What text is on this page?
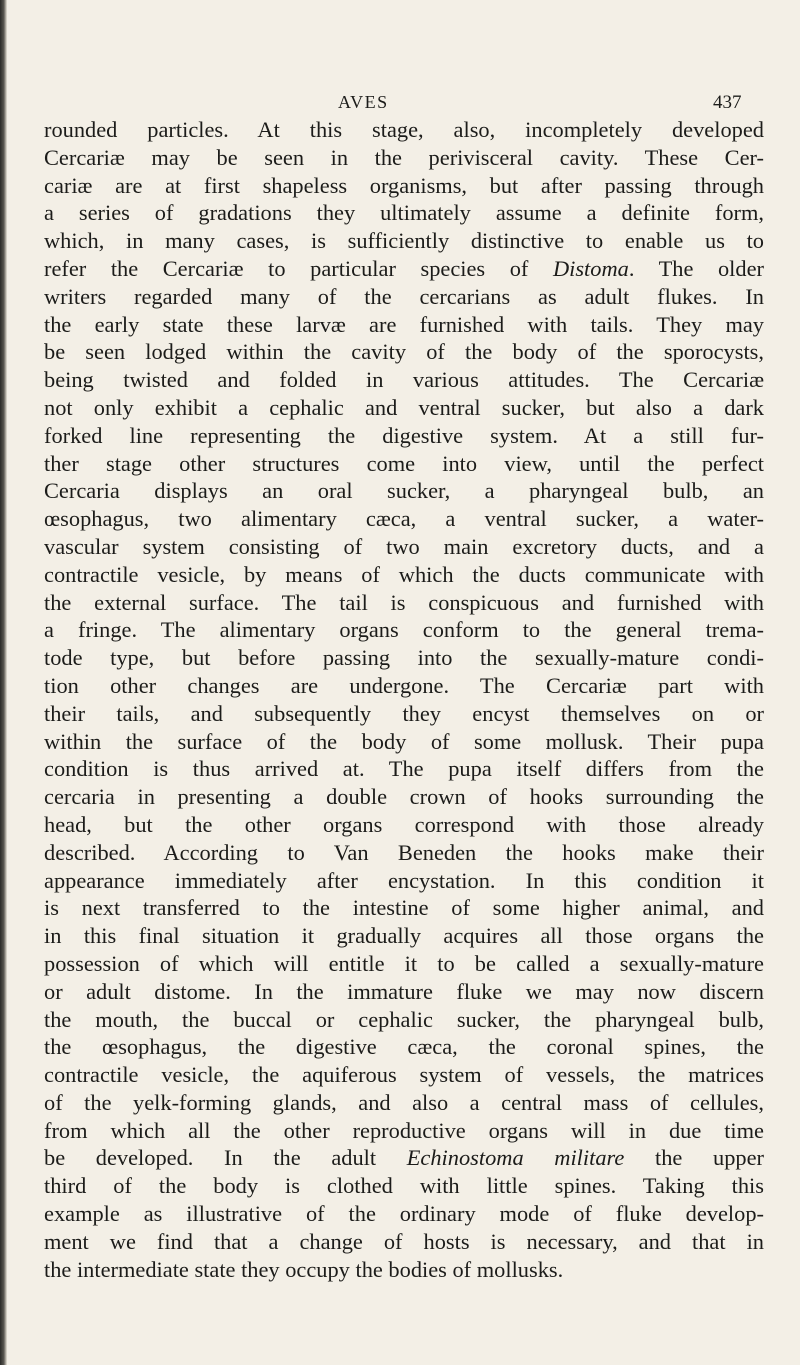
AVES	437
rounded particles. At this stage, also, incompletely developed
Cercariæ may be seen in the perivisceral cavity. These Cer-
cariæ are at first shapeless organisms, but after passing through
a series of gradations they ultimately assume a definite form,
which, in many cases, is sufficiently distinctive to enable us to
refer the Cercariæ to particular species of Distoma. The older
writers regarded many of the cercarians as adult flukes. In
the early state these larvæ are furnished with tails. They may
be seen lodged within the cavity of the body of the sporocysts,
being twisted and folded in various attitudes. The Cercariæ
not only exhibit a cephalic and ventral sucker, but also a dark
forked line representing the digestive system. At a still fur-
ther stage other structures come into view, until the perfect
Cercaria displays an oral sucker, a pharyngeal bulb, an
œsophagus, two alimentary cæca, a ventral sucker, a water-
vascular system consisting of two main excretory ducts, and a
contractile vesicle, by means of which the ducts communicate with
the external surface. The tail is conspicuous and furnished with
a fringe. The alimentary organs conform to the general trema-
tode type, but before passing into the sexually-mature condi-
tion other changes are undergone. The Cercariæ part with
their tails, and subsequently they encyst themselves on or
within the surface of the body of some mollusk. Their pupa
condition is thus arrived at. The pupa itself differs from the
cercaria in presenting a double crown of hooks surrounding the
head, but the other organs correspond with those already
described. According to Van Beneden the hooks make their
appearance immediately after encystation. In this condition it
is next transferred to the intestine of some higher animal, and
in this final situation it gradually acquires all those organs the
possession of which will entitle it to be called a sexually-mature
or adult distome. In the immature fluke we may now discern
the mouth, the buccal or cephalic sucker, the pharyngeal bulb,
the œsophagus, the digestive cæca, the coronal spines, the
contractile vesicle, the aquiferous system of vessels, the matrices
of the yelk-forming glands, and also a central mass of cellules,
from which all the other reproductive organs will in due time
be developed. In the adult Echinostoma militare the upper
third of the body is clothed with little spines. Taking this
example as illustrative of the ordinary mode of fluke develop-
ment we find that a change of hosts is necessary, and that in
the intermediate state they occupy the bodies of mollusks.
